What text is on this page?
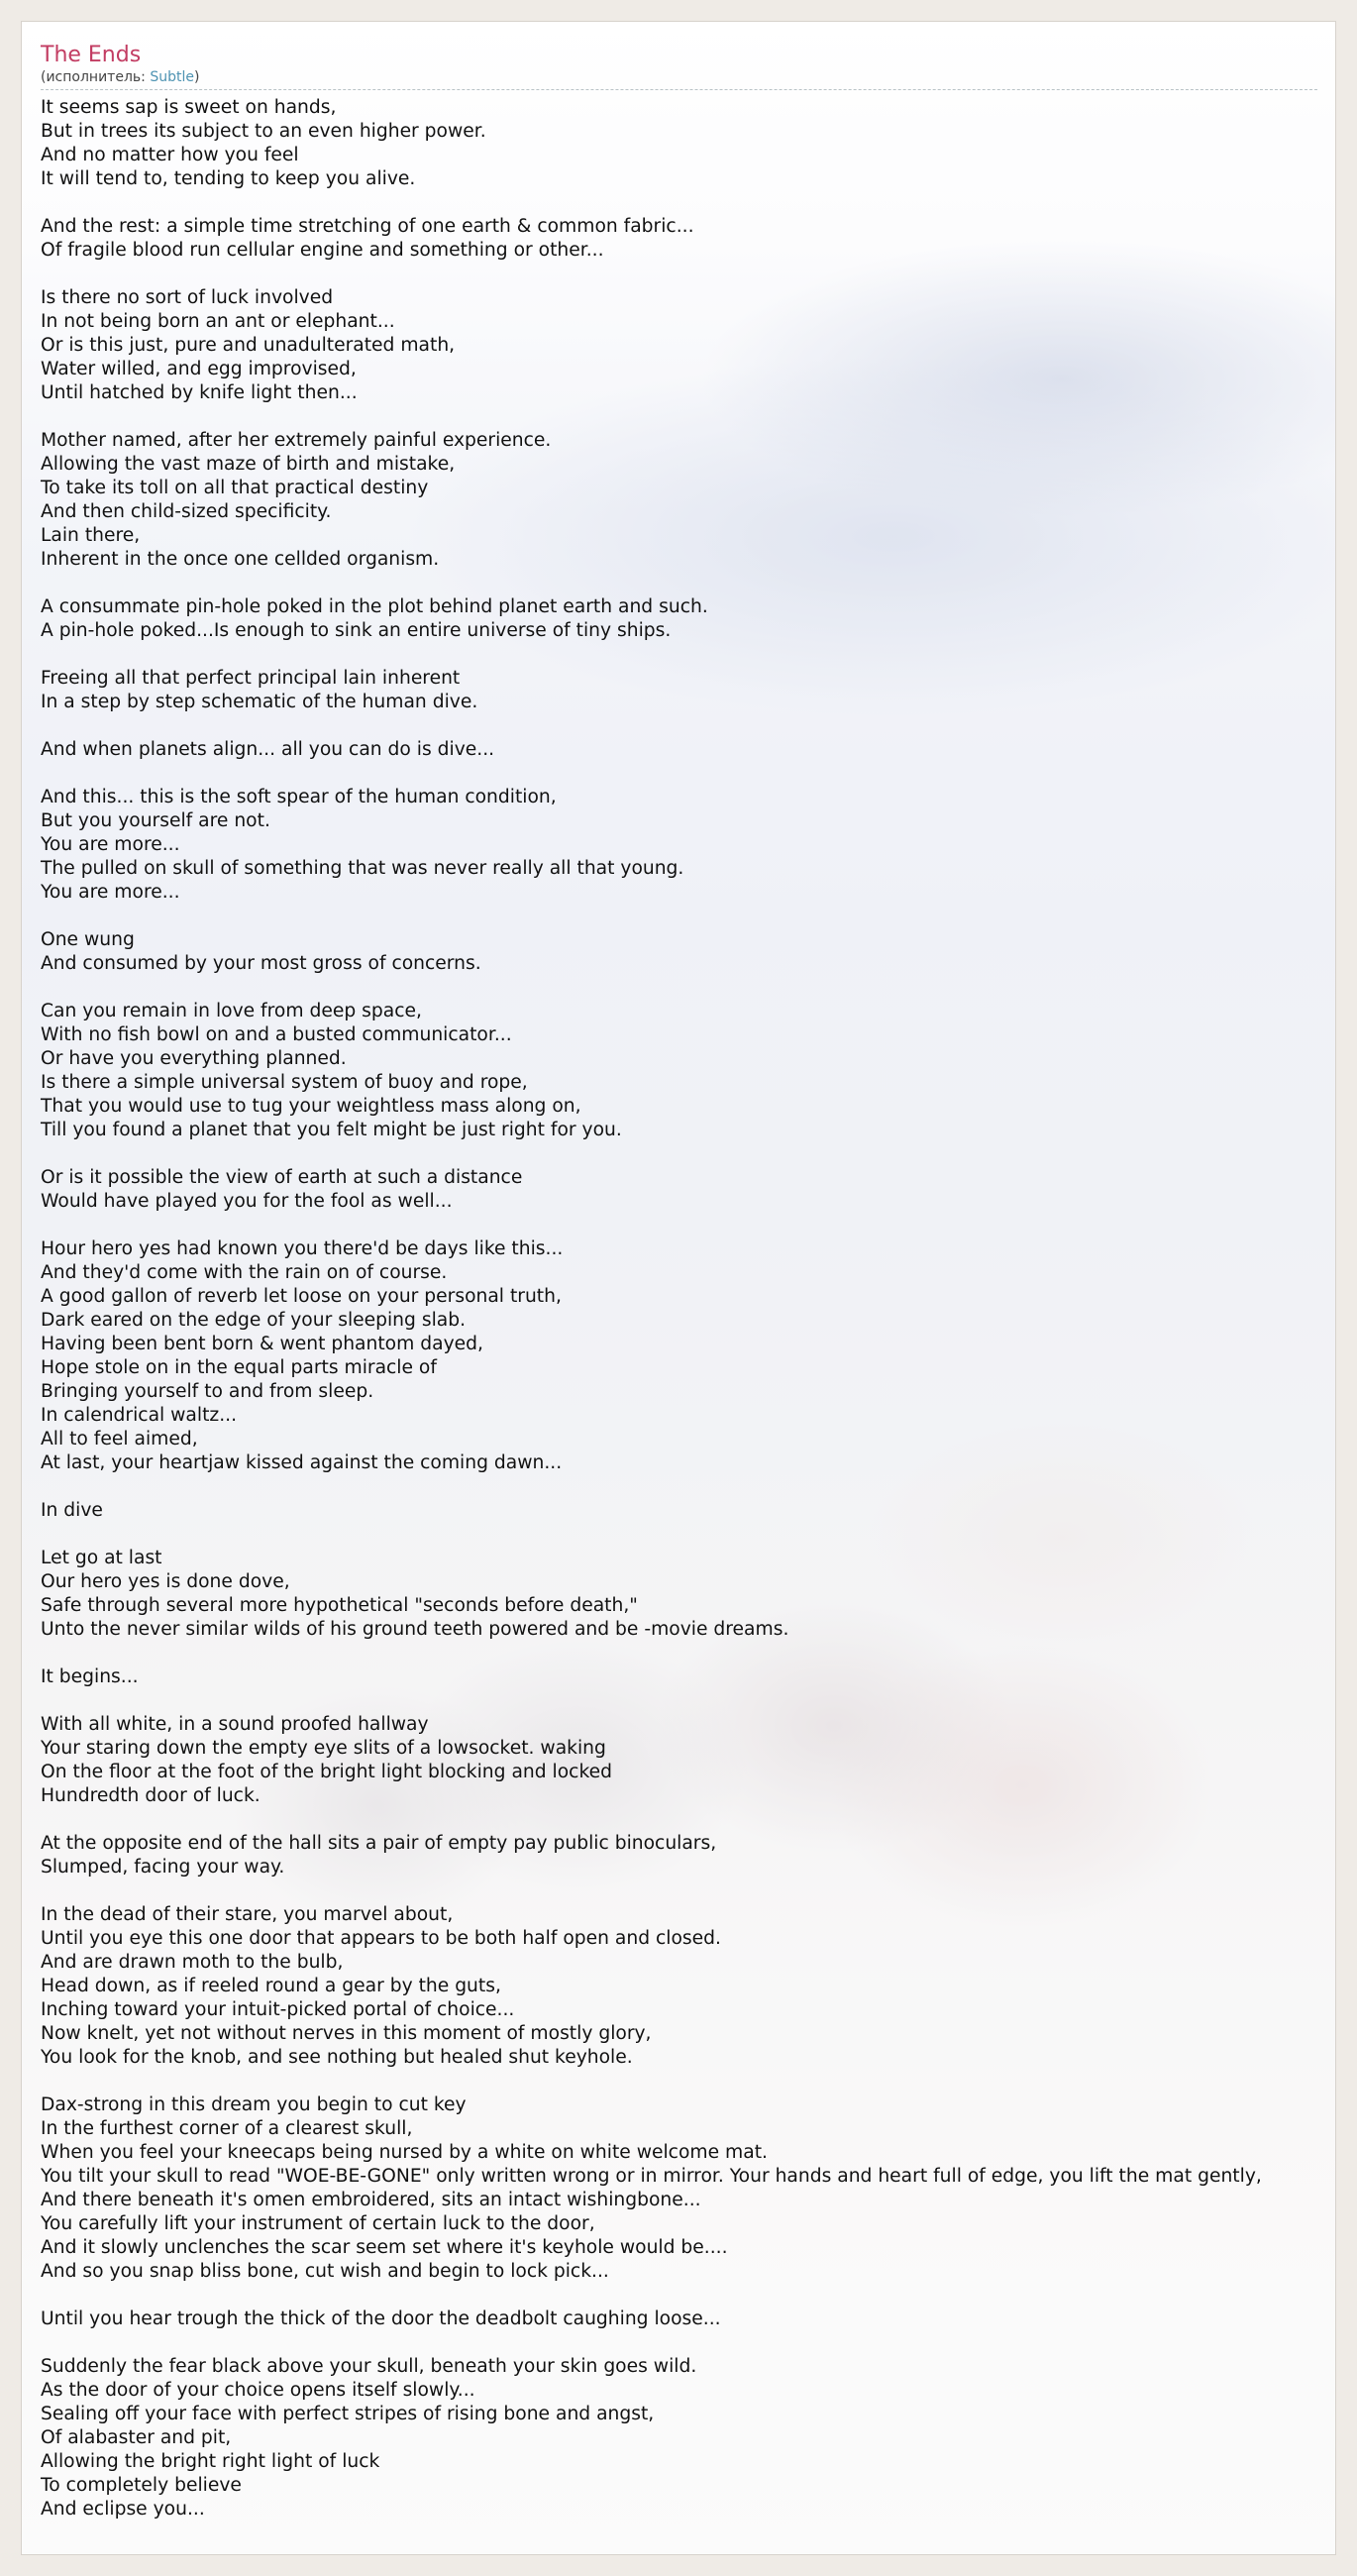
The Ends
(исполнитель: Subtle)
It seems sap is sweet on hands,
But in trees its subject to an even higher power.
And no matter how you feel
It will tend to, tending to keep you alive.
And the rest: a simple time stretching of one earth & common fabric...
Of fragile blood run cellular engine and something or other...
Is there no sort of luck involved
In not being born an ant or elephant...
Or is this just, pure and unadulterated math,
Water willed, and egg improvised,
Until hatched by knife light then...
Mother named, after her extremely painful experience.
Allowing the vast maze of birth and mistake,
To take its toll on all that practical destiny
And then child-sized specificity.
Lain there,
Inherent in the once one cellded organism.
A consummate pin-hole poked in the plot behind planet earth and such.
A pin-hole poked...Is enough to sink an entire universe of tiny ships.
Freeing all that perfect principal lain inherent
In a step by step schematic of the human dive.
And when planets align... all you can do is dive...
And this... this is the soft spear of the human condition,
But you yourself are not.
You are more...
The pulled on skull of something that was never really all that young.
You are more...
One wung
And consumed by your most gross of concerns.
Can you remain in love from deep space,
With no fish bowl on and a busted communicator...
Or have you everything planned.
Is there a simple universal system of buoy and rope,
That you would use to tug your weightless mass along on,
Till you found a planet that you felt might be just right for you.
Or is it possible the view of earth at such a distance
Would have played you for the fool as well...
Hour hero yes had known you there'd be days like this...
And they'd come with the rain on of course.
A good gallon of reverb let loose on your personal truth,
Dark eared on the edge of your sleeping slab.
Having been bent born & went phantom dayed,
Hope stole on in the equal parts miracle of
Bringing yourself to and from sleep.
In calendrical waltz...
All to feel aimed,
At last, your heartjaw kissed against the coming dawn...
In dive
Let go at last
Our hero yes is done dove,
Safe through several more hypothetical "seconds before death,"
Unto the never similar wilds of his ground teeth powered and be -movie dreams.
It begins...
With all white, in a sound proofed hallway
Your staring down the empty eye slits of a lowsocket. waking
On the floor at the foot of the bright light blocking and locked
Hundredth door of luck.
At the opposite end of the hall sits a pair of empty pay public binoculars,
Slumped, facing your way.
In the dead of their stare, you marvel about,
Until you eye this one door that appears to be both half open and closed.
And are drawn moth to the bulb,
Head down, as if reeled round a gear by the guts,
Inching toward your intuit-picked portal of choice...
Now knelt, yet not without nerves in this moment of mostly glory,
You look for the knob, and see nothing but healed shut keyhole.
Dax-strong in this dream you begin to cut key
In the furthest corner of a clearest skull,
When you feel your kneecaps being nursed by a white on white welcome mat.
You tilt your skull to read "WOE-BE-GONE" only written wrong or in mirror. Your hands and heart full of edge, you lift the mat gently,
And there beneath it's omen embroidered, sits an intact wishingbone...
You carefully lift your instrument of certain luck to the door,
And it slowly unclenches the scar seem set where it's keyhole would be....
And so you snap bliss bone, cut wish and begin to lock pick...
Until you hear trough the thick of the door the deadbolt caughing loose...
Suddenly the fear black above your skull, beneath your skin goes wild.
As the door of your choice opens itself slowly...
Sealing off your face with perfect stripes of rising bone and angst,
Of alabaster and pit,
Allowing the bright right light of luck
To completely believe
And eclipse you...
